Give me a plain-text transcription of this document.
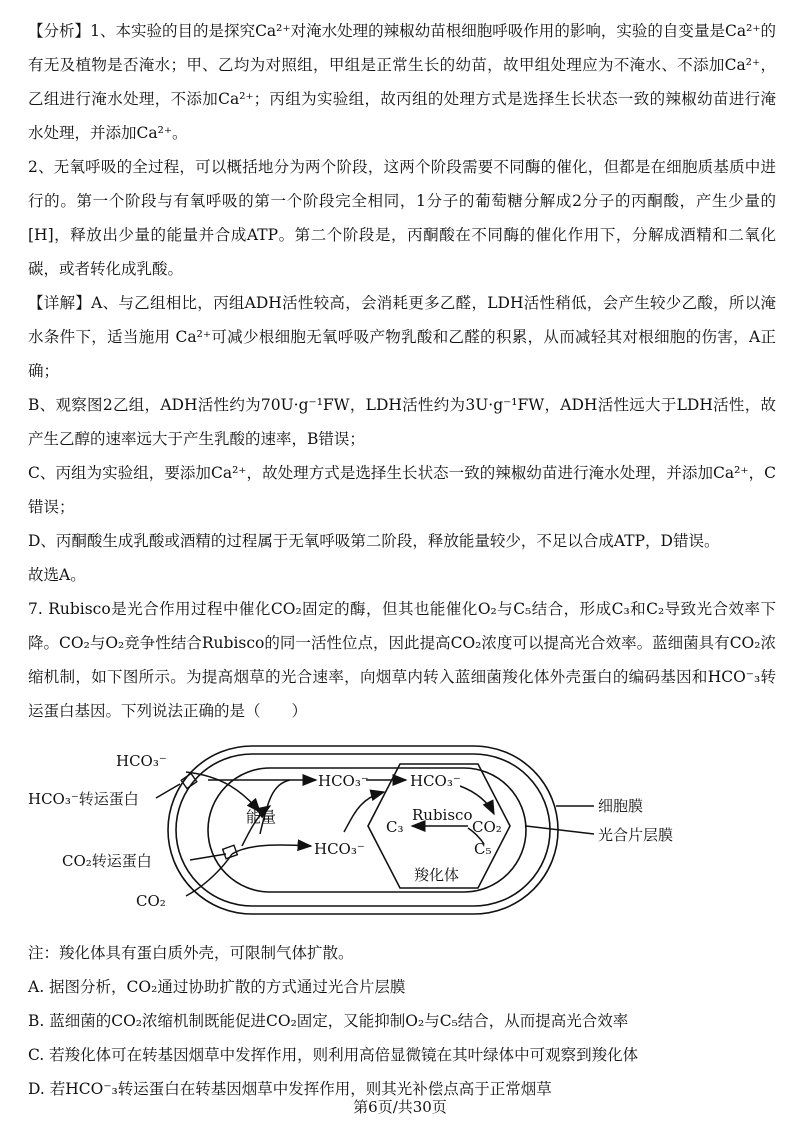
【分析】1、本实验的目的是探究Ca²⁺对淹水处理的辣椒幼苗根细胞呼吸作用的影响，实验的自变量是Ca²⁺的有无及植物是否淹水；甲、乙均为对照组，甲组是正常生长的幼苗，故甲组处理应为不淹水、不添加Ca²⁺，乙组进行淹水处理，不添加Ca²⁺；丙组为实验组，故丙组的处理方式是选择生长状态一致的辣椒幼苗进行淹水处理，并添加Ca²⁺。

2、无氧呼吸的全过程，可以概括地分为两个阶段，这两个阶段需要不同酶的催化，但都是在细胞质基质中进行的。第一个阶段与有氧呼吸的第一个阶段完全相同，1分子的葡萄糖分解成2分子的丙酮酸，产生少量的[H]，释放出少量的能量并合成ATP。第二个阶段是，丙酮酸在不同酶的催化作用下，分解成酒精和二氧化碳，或者转化成乳酸。

【详解】A、与乙组相比，丙组ADH活性较高，会消耗更多乙醛，LDH活性稍低，会产生较少乙酸，所以淹水条件下，适当施用 Ca²⁺可减少根细胞无氧呼吸产物乳酸和乙醛的积累，从而减轻其对根细胞的伤害，A正确；

B、观察图2乙组，ADH活性约为70U·g⁻¹FW，LDH活性约为3U·g⁻¹FW，ADH活性远大于LDH活性，故产生乙醇的速率远大于产生乳酸的速率，B错误；

C、丙组为实验组，要添加Ca²⁺，故处理方式是选择生长状态一致的辣椒幼苗进行淹水处理，并添加Ca²⁺，C错误；

D、丙酮酸生成乳酸或酒精的过程属于无氧呼吸第二阶段，释放能量较少，不足以合成ATP，D错误。

故选A。

7. Rubisco是光合作用过程中催化CO₂固定的酶，但其也能催化O₂与C₅结合，形成C₃和C₂导致光合效率下降。CO₂与O₂竞争性结合Rubisco的同一活性位点，因此提高CO₂浓度可以提高光合效率。蓝细菌具有CO₂浓缩机制，如下图所示。为提高烟草的光合速率，向烟草内转入蓝细菌羧化体外壳蛋白的编码基因和HCO⁻₃转运蛋白基因。下列说法正确的是（　　）

HCO₃⁻
HCO₃⁻转运蛋白
能量
CO₂转运蛋白
CO₂
HCO₃⁻
HCO₃⁻
HCO₃⁻
Rubisco
C₃	CO₂
C₅
羧化体
细胞膜
光合片层膜
注：羧化体具有蛋白质外壳，可限制气体扩散。

A. 据图分析，CO₂通过协助扩散的方式通过光合片层膜

B. 蓝细菌的CO₂浓缩机制既能促进CO₂固定，又能抑制O₂与C₅结合，从而提高光合效率

C. 若羧化体可在转基因烟草中发挥作用，则利用高倍显微镜在其叶绿体中可观察到羧化体

D. 若HCO⁻₃转运蛋白在转基因烟草中发挥作用，则其光补偿点高于正常烟草

第6页/共30页
